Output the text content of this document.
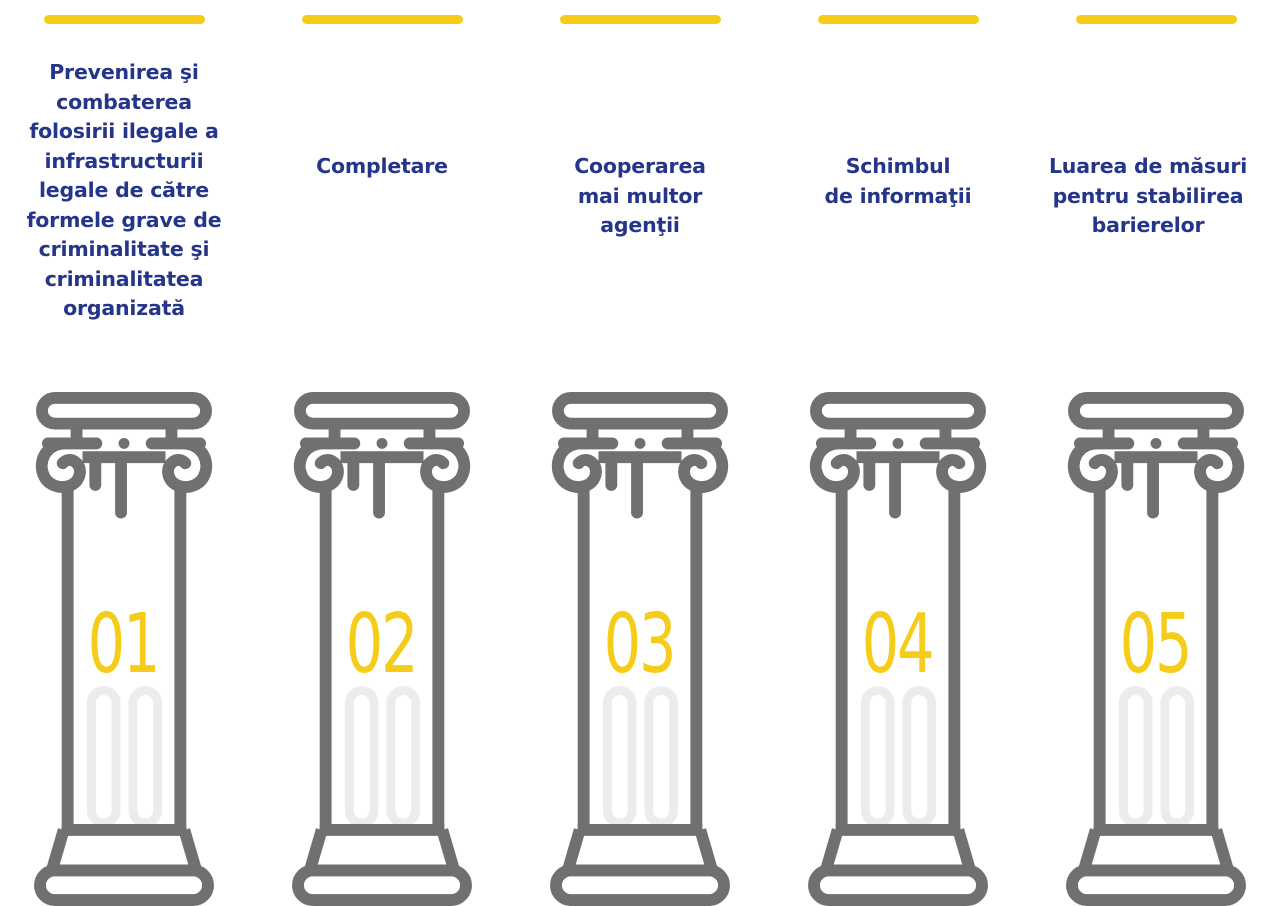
Prevenirea şi
combaterea
folosirii ilegale a
infrastructurii
legale de către
formele grave de
criminalitate şi
criminalitatea
organizată

01

Completare

02

Cooperarea
mai multor
agenţii

03

Schimbul
de informaţii

04

Luarea de măsuri
pentru stabilirea
barierelor

05
